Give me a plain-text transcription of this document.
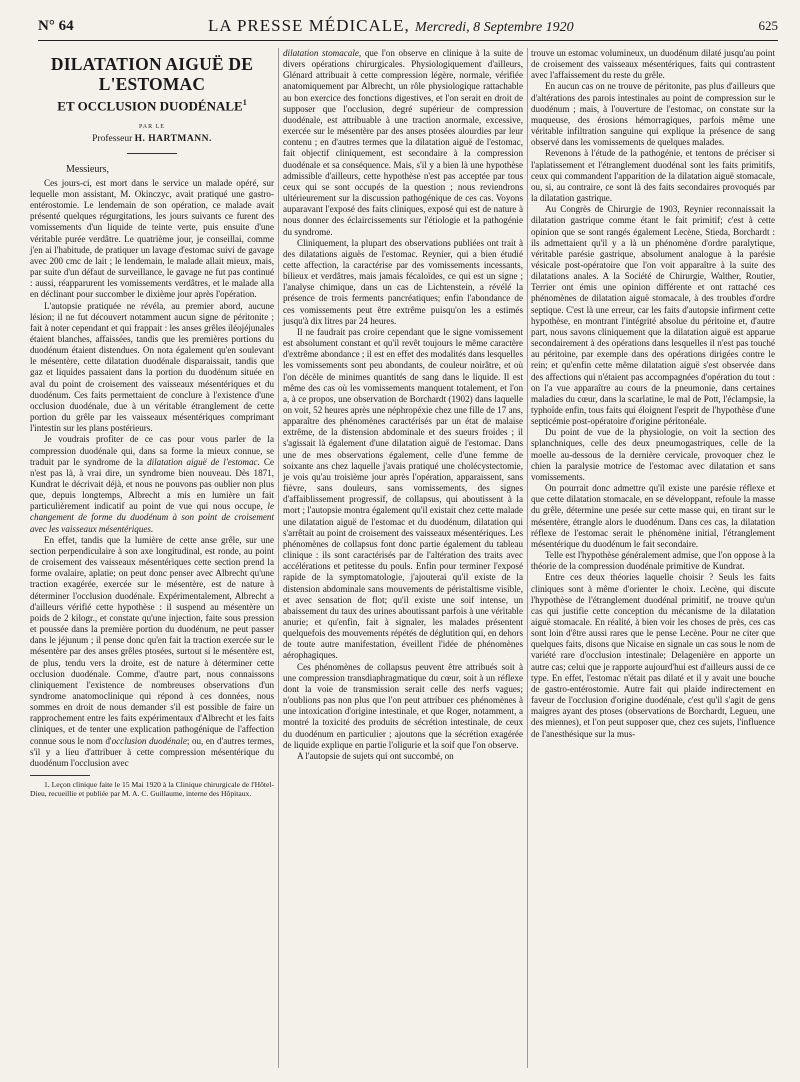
N° 64	LA PRESSE MÉDICALE, Mercredi, 8 Septembre 1920	625
DILATATION AIGUË DE L'ESTOMAC
ET OCCLUSION DUODÉNALE$^1$
PAR LE
Professeur H. HARTMANN.

Messieurs,

Ces jours-ci, est mort dans le service un malade opéré, sur lequelle mon assistant, M. Okinczyc, avait pratiqué une gastro-entérostomie. Le lendemain de son opération, ce malade avait présenté quelques régurgitations, les jours suivants ce furent des vomissements d'un liquide de teinte verte, puis ensuite d'une véritable purée verdâtre. Le quatrième jour, je conseillai, comme j'en ai l'habitude, de pratiquer un lavage d'estomac suivi de gavage avec 200 cmc de lait ; le lendemain, le malade allait mieux, mais, par suite d'un défaut de surveillance, le gavage ne fut pas continué : aussi, réapparurent les vomissements verdâtres, et le malade alla en déclinant pour succomber le dixième jour après l'opération.

L'autopsie pratiquée ne révéla, au premier abord, aucune lésion; il ne fut découvert notamment aucun signe de péritonite ; fait à noter cependant et qui frappait : les anses grêles iléojéjunales étaient blanches, affaissées, tandis que les premières portions du duodénum étaient distendues. On nota également qu'en soulevant le mésentère, cette dilatation duodénale disparaissait, tandis que gaz et liquides passaient dans la portion du duodénum située en aval du point de croisement des vaisseaux mésentériques et du duodénum. Ces faits permettaient de conclure à l'existence d'une occlusion duodénale, due à un véritable étranglement de cette portion du grêle par les vaisseaux mésentériques comprimant l'intestin sur les plans postérieurs.

Je voudrais profiter de ce cas pour vous parler de la compression duodénale qui, dans sa forme la mieux connue, se traduit par le syndrome de la dilatation aiguë de l'estomac. Ce n'est pas là, à vrai dire, un syndrome bien nouveau. Dès 1871, Kundrat le décrivait déjà, et nous ne pouvons pas oublier non plus que, depuis longtemps, Albrecht a mis en lumière un fait particulièrement indicatif au point de vue qui nous occupe, le changement de forme du duodénum à son point de croisement avec les vaisseaux mésentériques.

En effet, tandis que la lumière de cette anse grêle, sur une section perpendiculaire à son axe longitudinal, est ronde, au point de croisement des vaisseaux mésentériques cette section prend la forme ovalaire, aplatie; on peut donc penser avec Albrecht qu'une traction exagérée, exercée sur le mésentère, est de nature à déterminer l'occlusion duodénale. Expérimentalement, Albrecht a d'ailleurs vérifié cette hypothèse : il suspend au mésentère un poids de 2 kilogr., et constate qu'une injection, faite sous pression et poussée dans la première portion du duodénum, ne peut passer dans le jéjunum ; il pense donc qu'en fait la traction exercée sur le mésentère par des anses grêles ptosées, surtout si le mésentère est, de plus, tendu vers la droite, est de nature à déterminer cette occlusion duodénale. Comme, d'autre part, nous connaissons cliniquement l'existence de nombreuses observations d'un syndrome anatomoclinique qui répond à ces données, nous sommes en droit de nous demander s'il est possible de faire un rapprochement entre les faits expérimentaux d'Albrecht et les faits cliniques, et de tenter une explication pathogénique de l'affection connue sous le nom d'occlusion duodénale; ou, en d'autres termes, s'il y a lieu d'attribuer à cette compression mésentérique du duodénum l'occlusion avec

1. Leçon clinique faite le 15 Mai 1920 à la Clinique chirurgicale de l'Hôtel-Dieu, recueillie et publiée par M. A. C. Guillaume, interne des Hôpitaux.

dilatation stomacale, que l'on observe en clinique à la suite de divers opérations chirurgicales. Physiologiquement d'ailleurs, Glénard attribuait à cette compression légère, normale, vérifiée anatomiquement par Albrecht, un rôle physiologique rattachable au bon exercice des fonctions digestives, et l'on serait en droit de supposer que l'occlusion, degré supérieur de compression duodénale, est attribuable à une traction anormale, excessive, exercée sur le mésentère par des anses ptosées alourdies par leur contenu ; en d'autres termes que la dilatation aiguë de l'estomac, fait objectif cliniquement, est secondaire à la compression duodénale et sa conséquence. Mais, s'il y a bien là une hypothèse admissible d'ailleurs, cette hypothèse n'est pas acceptée par tous ceux qui se sont occupés de la question ; nous reviendrons ultérieurement sur la discussion pathogénique de ces cas. Voyons auparavant l'exposé des faits cliniques, exposé qui est de nature à nous donner des éclaircissements sur l'étiologie et la pathogénie du syndrome.

Cliniquement, la plupart des observations publiées ont trait à des dilatations aiguës de l'estomac. Reynier, qui a bien étudié cette affection, la caractérise par des vomissements incessants, bilieux et verdâtres, mais jamais fécaloïdes, ce qui est un signe ; l'analyse chimique, dans un cas de Lichtenstein, a révélé la présence de trois ferments pancréatiques; enfin l'abondance de ces vomissements peut être extrême puisqu'on les a estimés jusqu'à dix litres par 24 heures.

Il ne faudrait pas croire cependant que le signe vomissement est absolument constant et qu'il revêt toujours le même caractère d'extrême abondance ; il est en effet des modalités dans lesquelles les vomissements sont peu abondants, de couleur noirâtre, et où l'on décèle de minimes quantités de sang dans le liquide. Il est même des cas où les vomissements manquent totalement, et l'on a, à ce propos, une observation de Borchardt (1902) dans laquelle on voit, 52 heures après une néphropéxie chez une fille de 17 ans, apparaître des phénomènes caractérisés par un état de malaise extrême, de la distension abdominale et des sueurs froides ; il s'agissait là également d'une dilatation aiguë de l'estomac. Dans une de mes observations également, celle d'une femme de soixante ans chez laquelle j'avais pratiqué une cholécystectomie, je vois qu'au troisième jour après l'opération, apparaissent, sans fièvre, sans douleurs, sans vomissements, des signes d'affaiblissement progressif, de collapsus, qui aboutissent à la mort ; l'autopsie montra également qu'il existait chez cette malade une dilatation aiguë de l'estomac et du duodénum, dilatation qui s'arrêtait au point de croisement des vaisseaux mésentériques. Les phénomènes de collapsus font donc partie également du tableau clinique : ils sont caractérisés par de l'altération des traits avec accélérations et petitesse du pouls. Enfin pour terminer l'exposé rapide de la symptomatologie, j'ajouterai qu'il existe de la distension abdominale sans mouvements de péristaltisme visible, et avec sensation de flot; qu'il existe une soif intense, un abaissement du taux des urines aboutissant parfois à une véritable anurie; et qu'enfin, fait à signaler, les malades présentent quelquefois des mouvements répétés de déglutition qui, en dehors de toute autre manifestation, éveillent l'idée de phénomènes aérophagiques.

Ces phénomènes de collapsus peuvent être attribués soit à une compression transdiaphragmatique du cœur, soit à un réflexe dont la voie de transmission serait celle des nerfs vagues; n'oublions pas non plus que l'on peut attribuer ces phénomènes à une intoxication d'origine intestinale, et que Roger, notamment, a montré la toxicité des produits de sécrétion intestinale, de ceux du duodénum en particulier ; ajoutons que la sécrétion exagérée de liquide explique en partie l'oligurie et la soif que l'on observe.

A l'autopsie de sujets qui ont succombé, on

trouve un estomac volumineux, un duodénum dilaté jusqu'au point de croisement des vaisseaux mésentériques, faits qui contrastent avec l'affaissement du reste du grêle.

En aucun cas on ne trouve de péritonite, pas plus d'ailleurs que d'altérations des parois intestinales au point de compression sur le duodénum ; mais, à l'ouverture de l'estomac, on constate sur la muqueuse, des érosions hémorragiques, parfois même une véritable infiltration sanguine qui explique la présence de sang observé dans les vomissements de quelques malades.

Revenons à l'étude de la pathogénie, et tentons de préciser si l'aplatissement et l'étranglement duodénal sont les faits primitifs, ceux qui commandent l'apparition de la dilatation aiguë stomacale, ou, si, au contraire, ce sont là des faits secondaires provoqués par la dilatation gastrique.

Au Congrès de Chirurgie de 1903, Reynier reconnaissait la dilatation gastrique comme étant le fait primitif; c'est à cette opinion que se sont rangés également Lecène, Stieda, Borchardt : ils admettaient qu'il y a là un phénomène d'ordre paralytique, véritable parésie gastrique, absolument analogue à la parésie vésicale post-opératoire que l'on voit apparaître à la suite des dilatations anales. A la Société de Chirurgie, Walther, Routier, Terrier ont émis une opinion différente et ont rattaché ces phénomènes de dilatation aiguë stomacale, à des troubles d'ordre septique. C'est là une erreur, car les faits d'autopsie infirment cette hypothèse, en montrant l'intégrité absolue du péritoine et, d'autre part, nous savons cliniquement que la dilatation aiguë est apparue secondairement à des opérations dans lesquelles il n'est pas touché au péritoine, par exemple dans des opérations dirigées contre le rein; et qu'enfin cette même dilatation aiguë s'est observée dans des affections qui n'étaient pas accompagnées d'opération du tout : on l'a vue apparaître au cours de la pneumonie, dans certaines maladies du cœur, dans la scarlatine, le mal de Pott, l'éclampsie, la typhoïde enfin, tous faits qui éloignent l'esprit de l'hypothèse d'une septicémie post-opératoire d'origine péritonéale.

Du point de vue de la physiologie, on voit la section des splanchniques, celle des deux pneumogastriques, celle de la moelle au-dessous de la dernière cervicale, provoquer chez le chien la paralysie motrice de l'estomac avec dilatation et sans vomissements.

On pourrait donc admettre qu'il existe une parésie réflexe et que cette dilatation stomacale, en se développant, refoule la masse du grêle, détermine une pesée sur cette masse qui, en tirant sur le mésentère, étrangle alors le duodénum. Dans ces cas, la dilatation réflexe de l'estomac serait le phénomène initial, l'étranglement mésentérique du duodénum le fait secondaire.

Telle est l'hypothèse généralement admise, que l'on oppose à la théorie de la compression duodénale primitive de Kundrat.

Entre ces deux théories laquelle choisir ? Seuls les faits cliniques sont à même d'orienter le choix. Lecène, qui discute l'hypothèse de l'étranglement duodénal primitif, ne trouve qu'un cas qui justifie cette conception du mécanisme de la dilatation aiguë stomacale. En réalité, à bien voir les choses de près, ces cas sont loin d'être aussi rares que le pense Lecène. Pour ne citer que quelques faits, disons que Nicaise en signale un cas sous le nom de variété rare d'occlusion intestinale; Delagenière en apporte un autre cas; celui que je rapporte aujourd'hui est d'ailleurs aussi de ce type. En effet, l'estomac n'était pas dilaté et il y avait une bouche de gastro-entérostomie. Autre fait qui plaide indirectement en faveur de l'occlusion d'origine duodénale, c'est qu'il s'agit de gens maigres ayant des ptoses (observations de Borchardt, Legueu, une des miennes), et l'on peut supposer que, chez ces sujets, l'influence de l'anesthésique sur la mus-
